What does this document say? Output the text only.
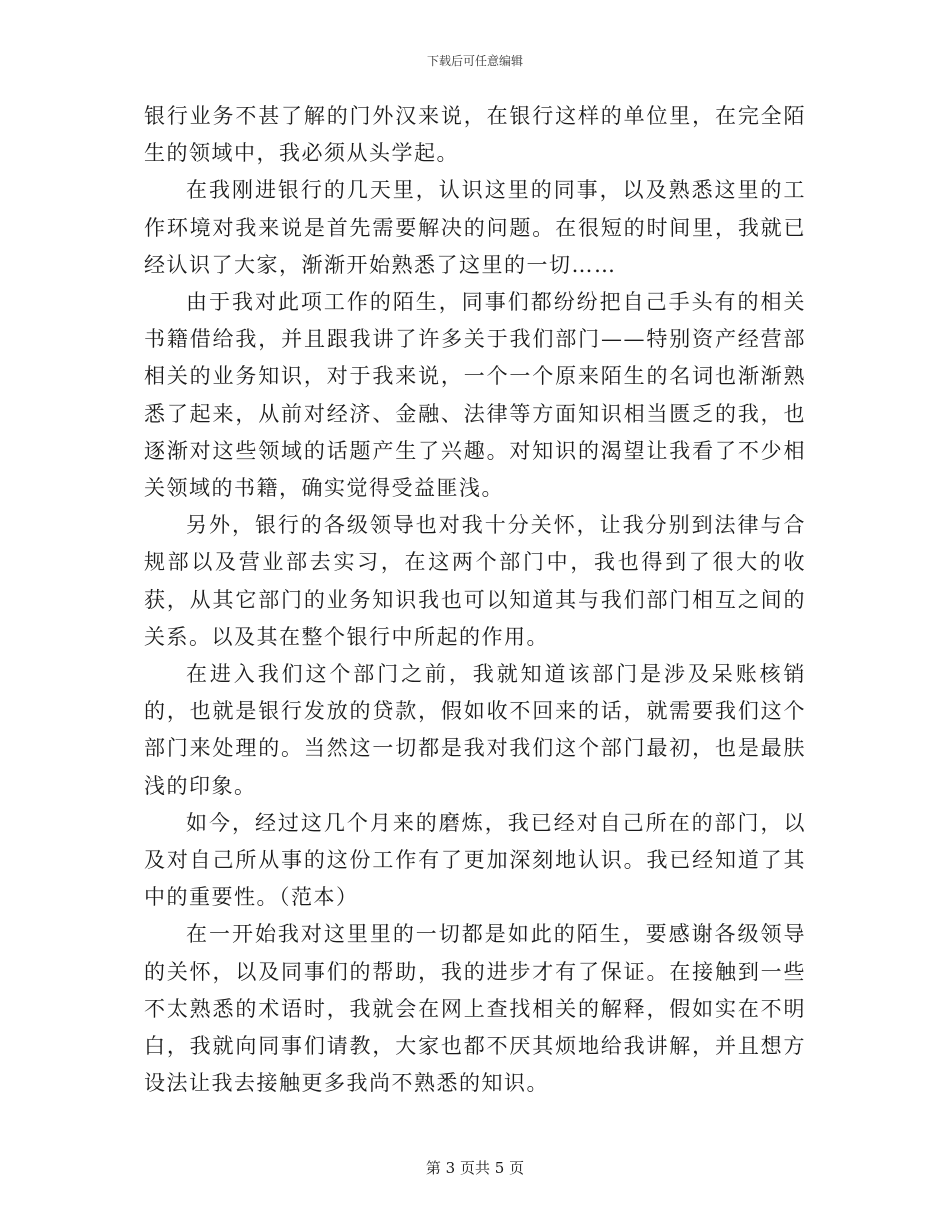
下载后可任意编辑

银行业务不甚了解的门外汉来说，在银行这样的单位里，在完全陌生的领域中，我必须从头学起。

在我刚进银行的几天里，认识这里的同事，以及熟悉这里的工作环境对我来说是首先需要解决的问题。在很短的时间里，我就已经认识了大家，渐渐开始熟悉了这里的一切……

由于我对此项工作的陌生，同事们都纷纷把自己手头有的相关书籍借给我，并且跟我讲了许多关于我们部门——特别资产经营部相关的业务知识，对于我来说，一个一个原来陌生的名词也渐渐熟悉了起来，从前对经济、金融、法律等方面知识相当匮乏的我，也逐渐对这些领域的话题产生了兴趣。对知识的渴望让我看了不少相关领域的书籍，确实觉得受益匪浅。

另外，银行的各级领导也对我十分关怀，让我分别到法律与合规部以及营业部去实习，在这两个部门中，我也得到了很大的收获，从其它部门的业务知识我也可以知道其与我们部门相互之间的关系。以及其在整个银行中所起的作用。

在进入我们这个部门之前，我就知道该部门是涉及呆账核销的，也就是银行发放的贷款，假如收不回来的话，就需要我们这个部门来处理的。当然这一切都是我对我们这个部门最初，也是最肤浅的印象。

如今，经过这几个月来的磨炼，我已经对自己所在的部门，以及对自己所从事的这份工作有了更加深刻地认识。我已经知道了其中的重要性。（范本）

在一开始我对这里里的一切都是如此的陌生，要感谢各级领导的关怀，以及同事们的帮助，我的进步才有了保证。在接触到一些不太熟悉的术语时，我就会在网上查找相关的解释，假如实在不明白，我就向同事们请教，大家也都不厌其烦地给我讲解，并且想方设法让我去接触更多我尚不熟悉的知识。

第 3 页共 5 页
